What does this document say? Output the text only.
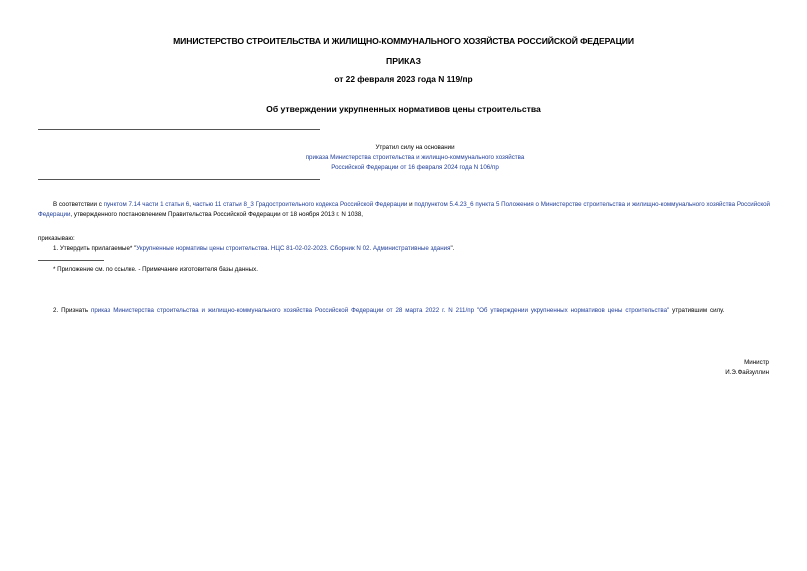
МИНИСТЕРСТВО СТРОИТЕЛЬСТВА И ЖИЛИЩНО-КОММУНАЛЬНОГО ХОЗЯЙСТВА РОССИЙСКОЙ ФЕДЕРАЦИИ
ПРИКАЗ
от 22 февраля 2023 года N 119/пр
Об утверждении укрупненных нормативов цены строительства
Утратил силу на основании
приказа Министерства строительства и жилищно-коммунального хозяйства
Российской Федерации от 16 февраля 2024 года N 106/пр
В соответствии с пунктом 7.14 части 1 статьи 6, частью 11 статьи 8_3 Градостроительного кодекса Российской Федерации и подпунктом 5.4.23_6 пункта 5 Положения о Министерстве строительства и жилищно-коммунального хозяйства Российской Федерации, утвержденного постановлением Правительства Российской Федерации от 18 ноября 2013 г. N 1038,
приказываю:
1. Утвердить прилагаемые* "Укрупненные нормативы цены строительства. НЦС 81-02-02-2023. Сборник N 02. Административные здания".
* Приложение см. по ссылке. - Примечание изготовителя базы данных.
2. Признать приказ Министерства строительства и жилищно-коммунального хозяйства Российской Федерации от 28 марта 2022 г. N 211/пр "Об утверждении укрупненных нормативов цены строительства" утратившим силу.
Министр
И.Э.Файзуллин
